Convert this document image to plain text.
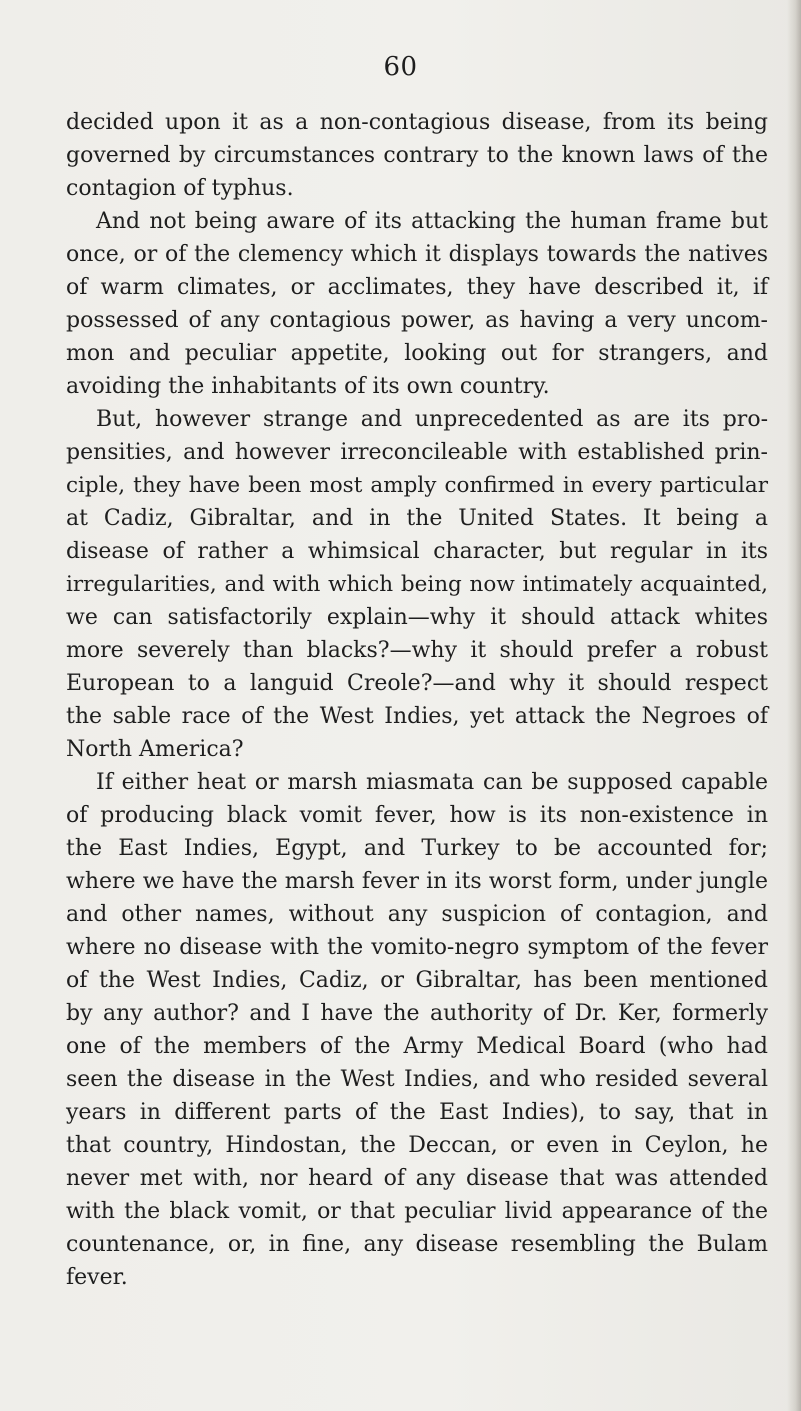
60
decided upon it as a non-contagious disease, from its being
governed by circumstances contrary to the known laws of the
contagion of typhus.
And not being aware of its attacking the human frame but
once, or of the clemency which it displays towards the natives
of warm climates, or acclimates, they have described it, if
possessed of any contagious power, as having a very uncom-
mon and peculiar appetite, looking out for strangers, and
avoiding the inhabitants of its own country.
But, however strange and unprecedented as are its pro-
pensities, and however irreconcileable with established prin-
ciple, they have been most amply confirmed in every particular
at Cadiz, Gibraltar, and in the United States. It being a
disease of rather a whimsical character, but regular in its
irregularities, and with which being now intimately acquainted,
we can satisfactorily explain—why it should attack whites
more severely than blacks?—why it should prefer a robust
European to a languid Creole?—and why it should respect
the sable race of the West Indies, yet attack the Negroes of
North America?
If either heat or marsh miasmata can be supposed capable
of producing black vomit fever, how is its non-existence in
the East Indies, Egypt, and Turkey to be accounted for;
where we have the marsh fever in its worst form, under jungle
and other names, without any suspicion of contagion, and
where no disease with the vomito-negro symptom of the fever
of the West Indies, Cadiz, or Gibraltar, has been mentioned
by any author? and I have the authority of Dr. Ker, formerly
one of the members of the Army Medical Board (who had
seen the disease in the West Indies, and who resided several
years in different parts of the East Indies), to say, that in
that country, Hindostan, the Deccan, or even in Ceylon, he
never met with, nor heard of any disease that was attended
with the black vomit, or that peculiar livid appearance of the
countenance, or, in fine, any disease resembling the Bulam
fever.
